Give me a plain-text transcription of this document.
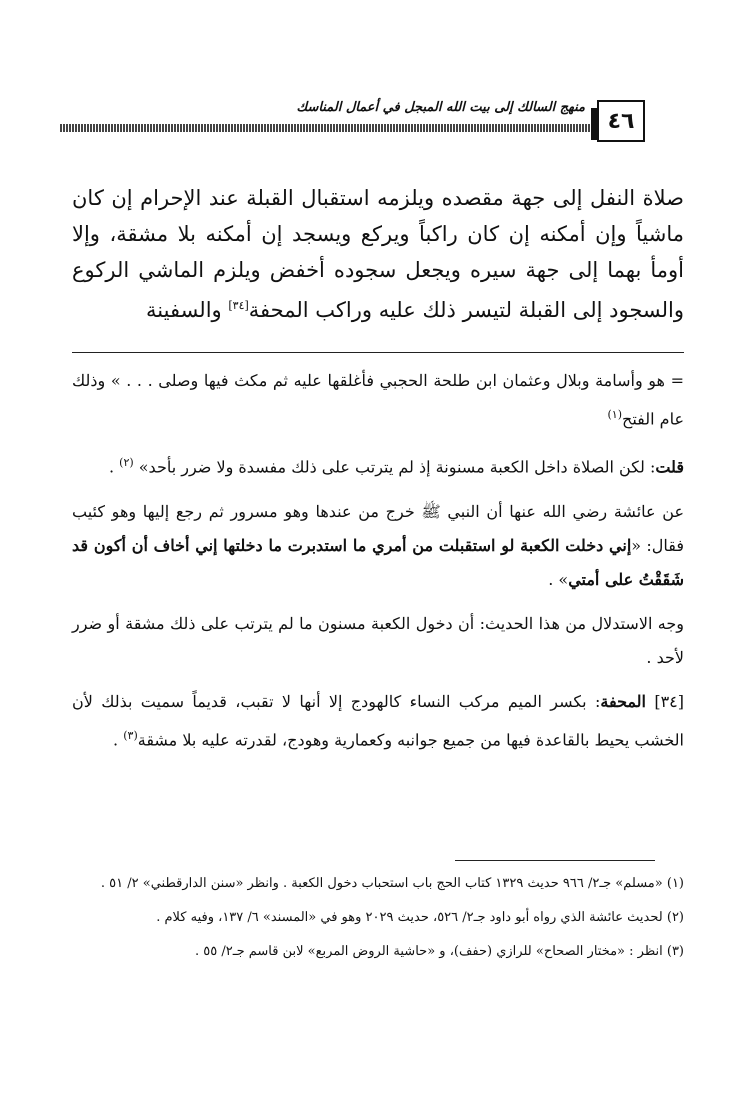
٤٦
منهج السالك إلى بيت الله المبجل في أعمال المناسك
صلاة النفل إلى جهة مقصده ويلزمه استقبال القبلة عند الإحرام إن كان ماشياً وإن أمكنه إن كان راكباً ويركع ويسجد إن أمكنه بلا مشقة، وإلا أومأ بهما إلى جهة سيره ويجعل سجوده أخفض ويلزم الماشي الركوع والسجود إلى القبلة لتيسر ذلك عليه وراكب المحفة[٣٤] والسفينة

= هو وأسامة وبلال وعثمان ابن طلحة الحجبي فأغلقها عليه ثم مكث فيها وصلى . . . » وذلك عام الفتح$^{(١)}$

قلت: لكن الصلاة داخل الكعبة مسنونة إذ لم يترتب على ذلك مفسدة ولا ضرر بأحد» $^{(٢)}$ .

عن عائشة رضي الله عنها أن النبي ﷺ خرج من عندها وهو مسرور ثم رجع إليها وهو كئيب فقال: «إني دخلت الكعبة لو استقبلت من أمري ما استدبرت ما دخلتها إني أخاف أن أكون قد شَقَقْتُ على أمتي» .

وجه الاستدلال من هذا الحديث: أن دخول الكعبة مسنون ما لم يترتب على ذلك مشقة أو ضرر لأحد .

[٣٤] المحفة: بكسر الميم مركب النساء كالهودج إلا أنها لا تقبب، قديماً سميت بذلك لأن الخشب يحيط بالقاعدة فيها من جميع جوانبه وكعمارية وهودج، لقدرته عليه بلا مشقة$^{(٣)}$ .

(١) «مسلم» جـ٢/ ٩٦٦ حديث ١٣٢٩ كتاب الحج باب استحباب دخول الكعبة . وانظر «سنن الدارقطني» ٢/ ٥١ .

(٢) لحديث عائشة الذي رواه أبو داود جـ٢/ ٥٢٦، حديث ٢٠٢٩ وهو في «المسند» ٦/ ١٣٧، وفيه كلام .

(٣) انظر : «مختار الصحاح» للرازي (حفف)، و «حاشية الروض المربع» لابن قاسم جـ٢/ ٥٥ .
